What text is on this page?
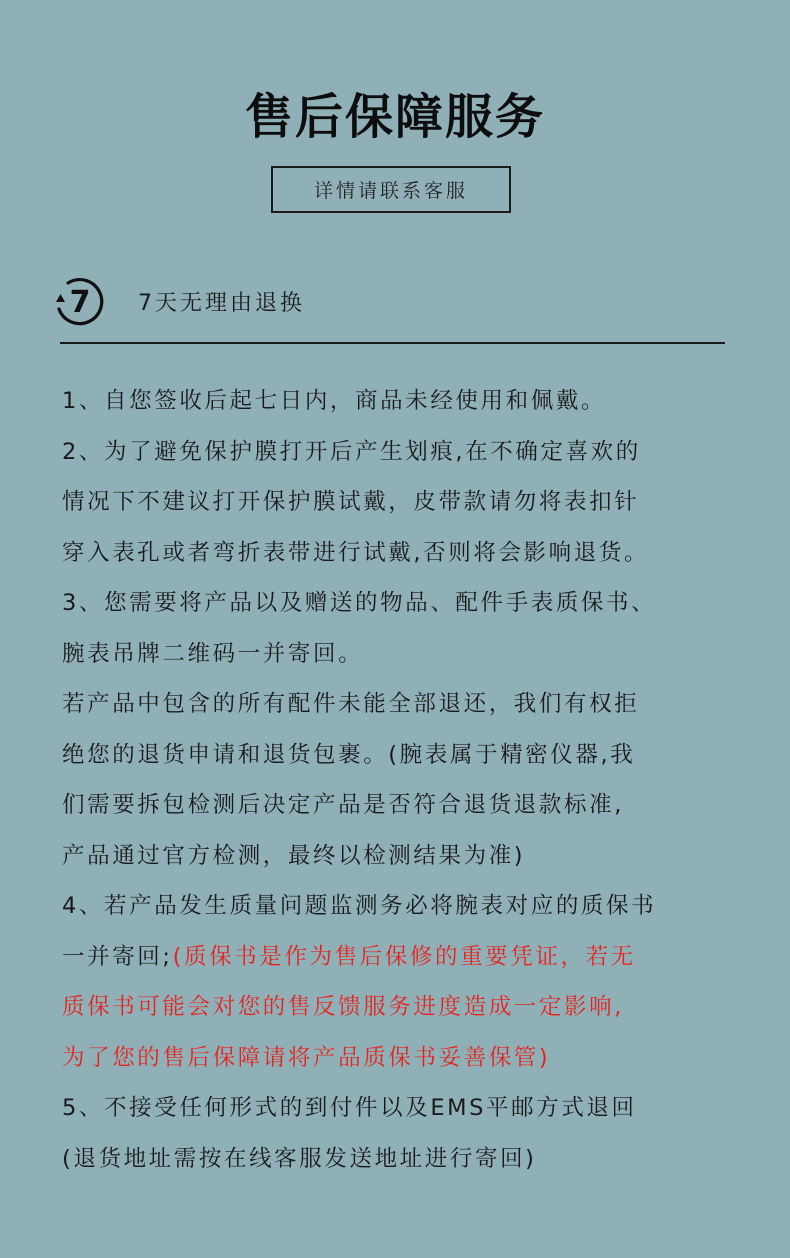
售后保障服务
详情请联系客服
7 7天无理由退换
1、自您签收后起七日内，商品未经使用和佩戴。
2、为了避免保护膜打开后产生划痕,在不确定喜欢的
情况下不建议打开保护膜试戴，皮带款请勿将表扣针
穿入表孔或者弯折表带进行试戴,否则将会影响退货。
3、您需要将产品以及赠送的物品、配件手表质保书、
腕表吊牌二维码一并寄回。
若产品中包含的所有配件未能全部退还，我们有权拒
绝您的退货申请和退货包裹。(腕表属于精密仪器,我
们需要拆包检测后决定产品是否符合退货退款标准,
产品通过官方检测，最终以检测结果为准)
4、若产品发生质量问题监测务必将腕表对应的质保书
一并寄回;(质保书是作为售后保修的重要凭证，若无
质保书可能会对您的售反馈服务进度造成一定影响,
为了您的售后保障请将产品质保书妥善保管)
5、不接受任何形式的到付件以及EMS平邮方式退回
(退货地址需按在线客服发送地址进行寄回)
